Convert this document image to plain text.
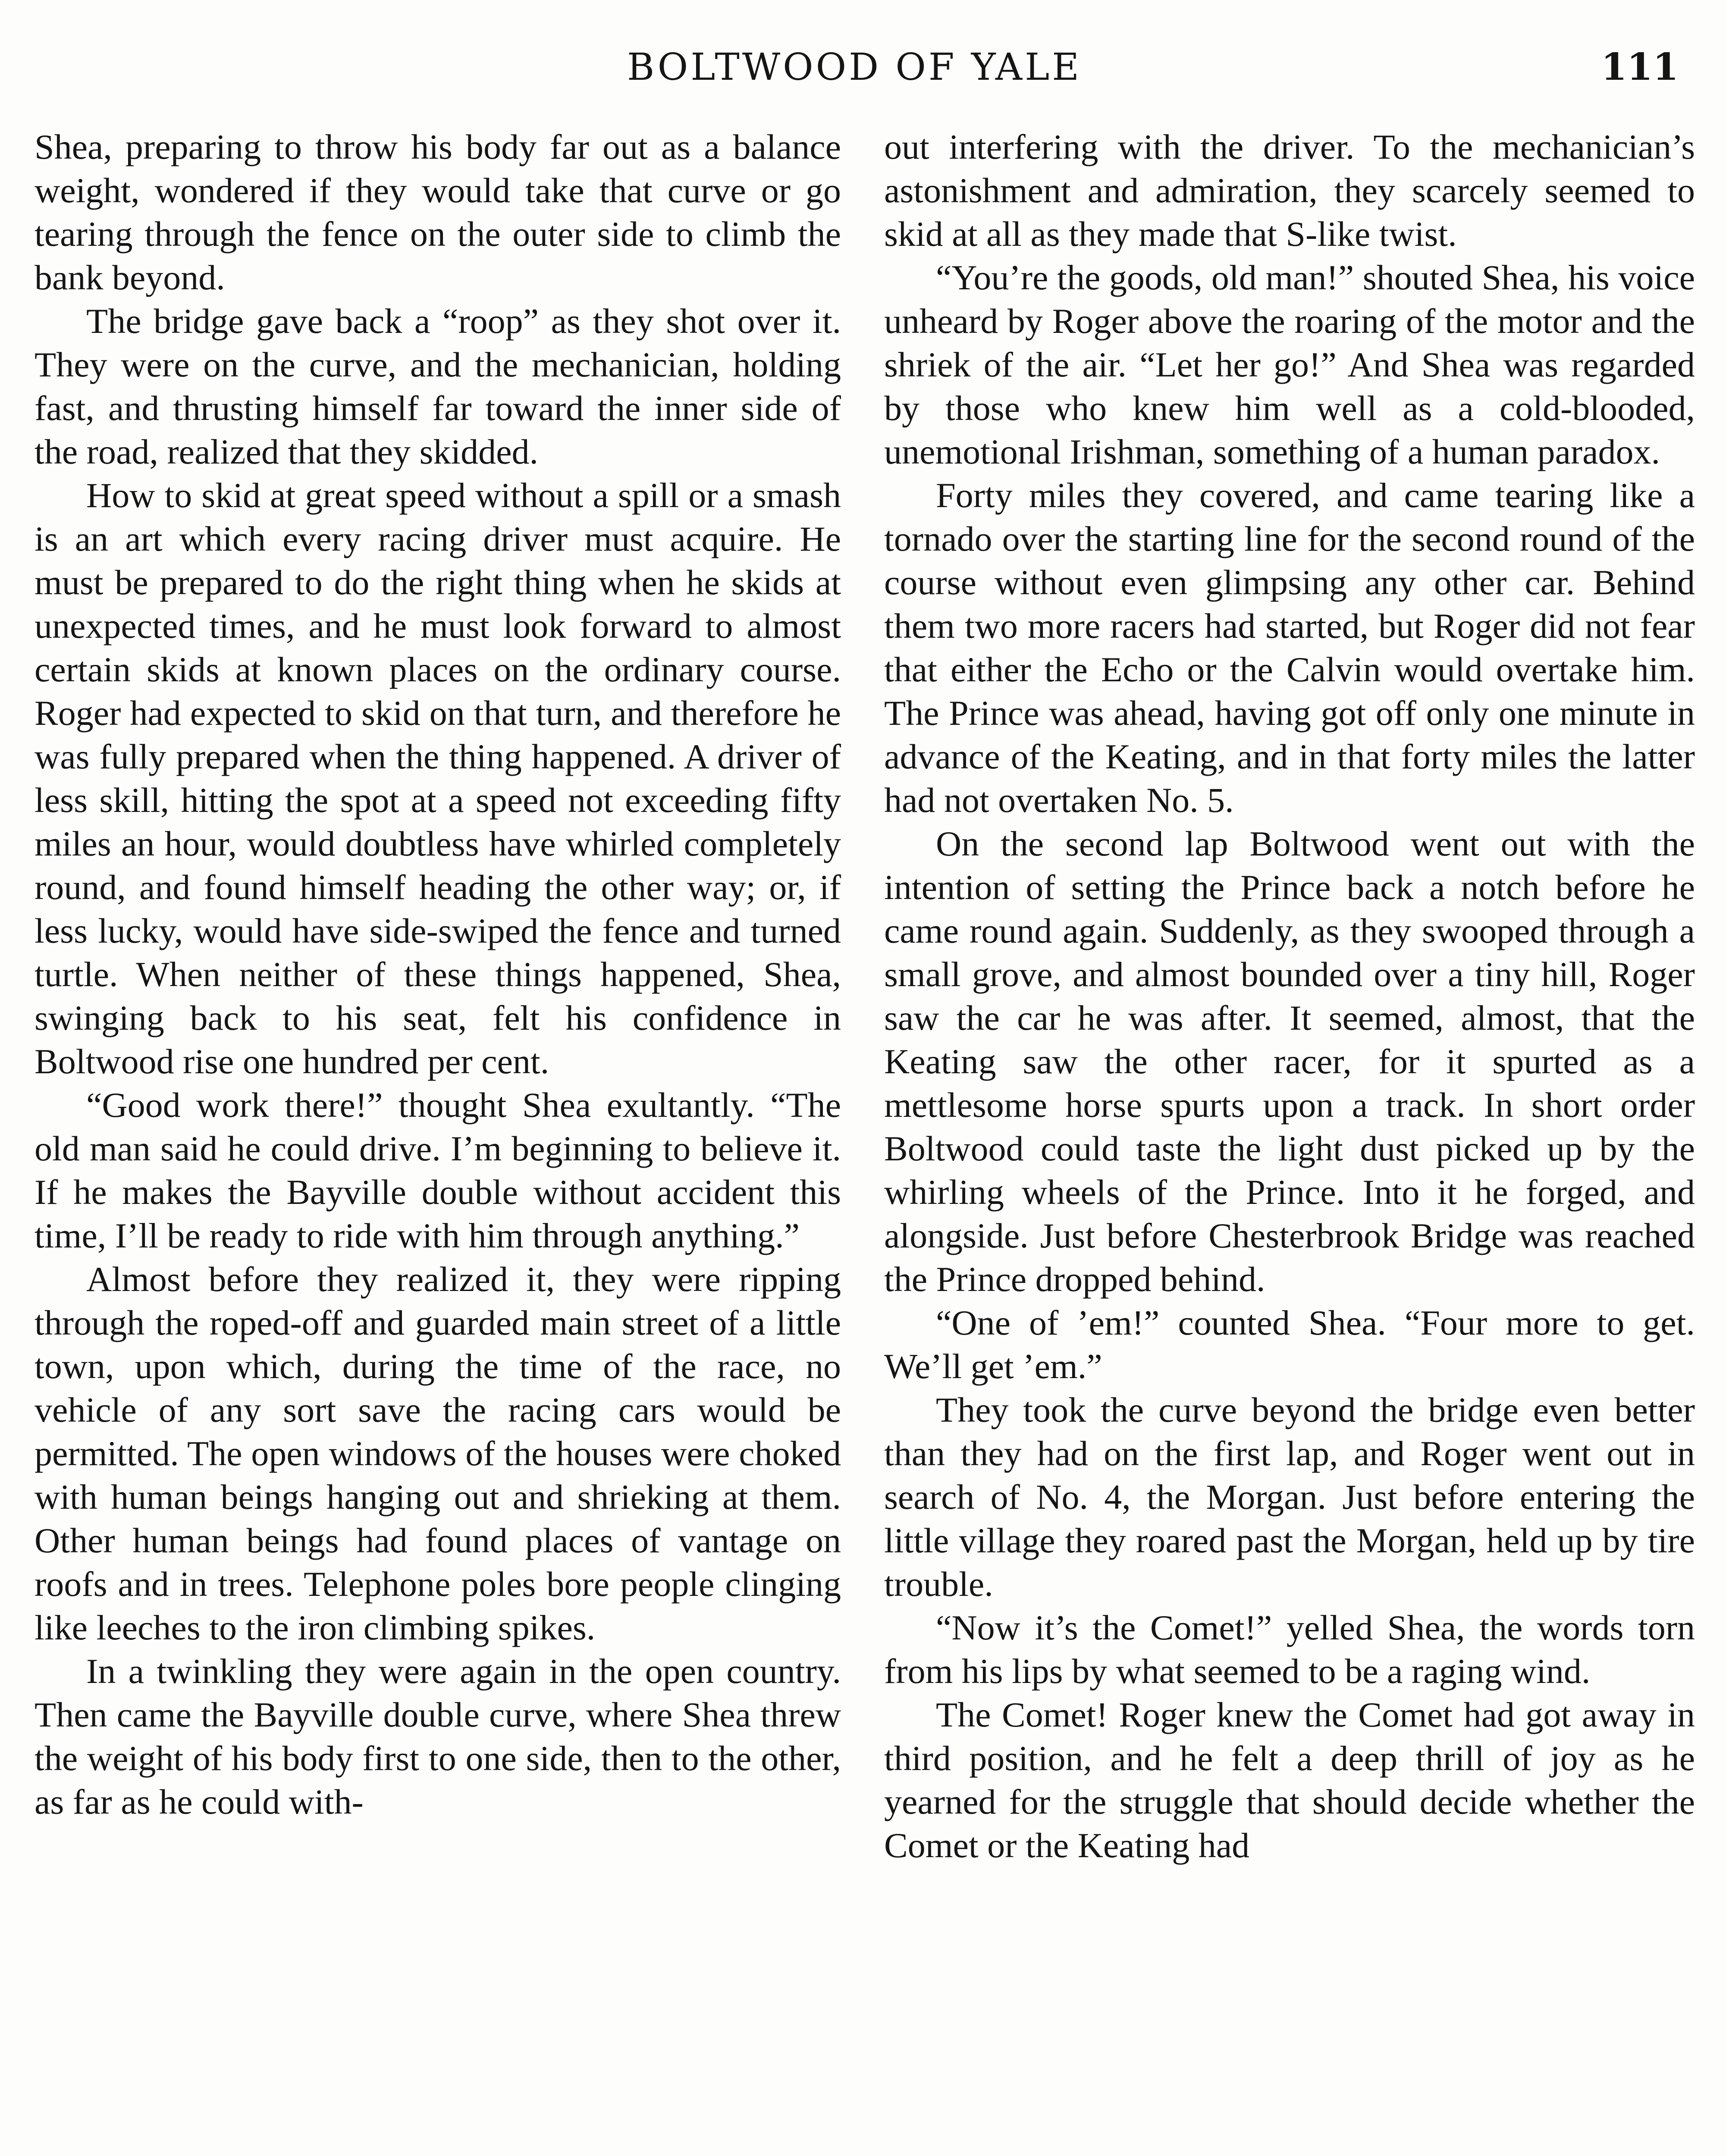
BOLTWOOD OF YALE	111

Shea, preparing to throw his body far out as a balance weight, wondered if they would take that curve or go tearing through the fence on the outer side to climb the bank beyond.

The bridge gave back a “roop” as they shot over it. They were on the curve, and the mechanician, holding fast, and thrusting himself far toward the inner side of the road, realized that they skidded.

How to skid at great speed without a spill or a smash is an art which every racing driver must acquire. He must be prepared to do the right thing when he skids at unexpected times, and he must look forward to almost certain skids at known places on the ordinary course. Roger had expected to skid on that turn, and therefore he was fully prepared when the thing happened. A driver of less skill, hitting the spot at a speed not exceeding fifty miles an hour, would doubtless have whirled completely round, and found himself heading the other way; or, if less lucky, would have side-swiped the fence and turned turtle. When neither of these things happened, Shea, swinging back to his seat, felt his confidence in Boltwood rise one hundred per cent.

“Good work there!” thought Shea exultantly. “The old man said he could drive. I’m beginning to believe it. If he makes the Bayville double without accident this time, I’ll be ready to ride with him through anything.”

Almost before they realized it, they were ripping through the roped-off and guarded main street of a little town, upon which, during the time of the race, no vehicle of any sort save the racing cars would be permitted. The open windows of the houses were choked with human beings hanging out and shrieking at them. Other human beings had found places of vantage on roofs and in trees. Telephone poles bore people clinging like leeches to the iron climbing spikes.

In a twinkling they were again in the open country. Then came the Bayville double curve, where Shea threw the weight of his body first to one side, then to the other, as far as he could with-

out interfering with the driver. To the mechanician’s astonishment and admiration, they scarcely seemed to skid at all as they made that S-like twist.

“You’re the goods, old man!” shouted Shea, his voice unheard by Roger above the roaring of the motor and the shriek of the air. “Let her go!” And Shea was regarded by those who knew him well as a cold-blooded, unemotional Irishman, something of a human paradox.

Forty miles they covered, and came tearing like a tornado over the starting line for the second round of the course without even glimpsing any other car. Behind them two more racers had started, but Roger did not fear that either the Echo or the Calvin would overtake him. The Prince was ahead, having got off only one minute in advance of the Keating, and in that forty miles the latter had not overtaken No. 5.

On the second lap Boltwood went out with the intention of setting the Prince back a notch before he came round again. Suddenly, as they swooped through a small grove, and almost bounded over a tiny hill, Roger saw the car he was after. It seemed, almost, that the Keating saw the other racer, for it spurted as a mettlesome horse spurts upon a track. In short order Boltwood could taste the light dust picked up by the whirling wheels of the Prince. Into it he forged, and alongside. Just before Chesterbrook Bridge was reached the Prince dropped behind.

“One of ’em!” counted Shea. “Four more to get. We’ll get ’em.”

They took the curve beyond the bridge even better than they had on the first lap, and Roger went out in search of No. 4, the Morgan. Just before entering the little village they roared past the Morgan, held up by tire trouble.

“Now it’s the Comet!” yelled Shea, the words torn from his lips by what seemed to be a raging wind.

The Comet! Roger knew the Comet had got away in third position, and he felt a deep thrill of joy as he yearned for the struggle that should decide whether the Comet or the Keating had
